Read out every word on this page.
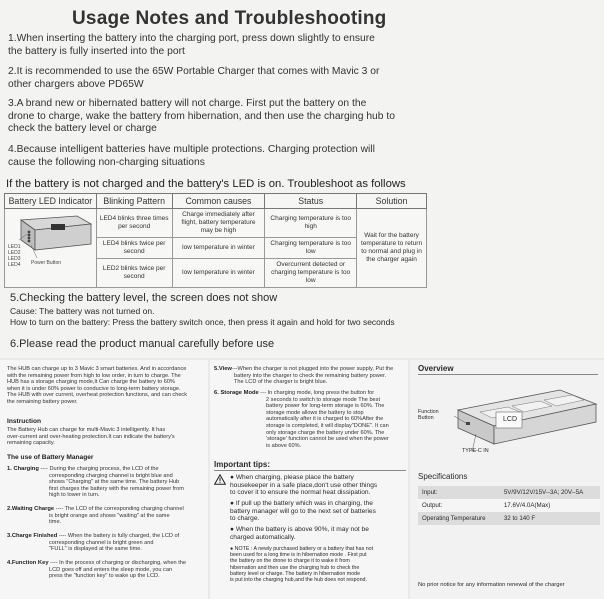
Usage Notes and Troubleshooting
1.When inserting the battery into the charging port, press down slightly to ensure
the battery is fully inserted into the port
2.It is recommended to use the 65W Portable Charger that comes with Mavic 3 or
other chargers above PD65W
3.A brand new or hibernated battery will not charge. First put the battery on the
drone to charge, wake the battery from hibernation, and then use the charging hub to
check the battery level or charge
4.Because intelligent batteries have multiple protections. Charging protection will
cause the following non-charging situations
If the battery is not charged and the battery's LED is on. Troubleshoot as follows
Battery LED Indicator	Blinking Pattern	Common causes	Status	Solution

LED1
LED2
LED3
LED4 Power Button	LED4 blinks three times per second	Charge immediately after flight, battery temperature may be high	Charging temperature is too high	Wait for the battery temperature to return to normal and plug in the charger again
	LED4 blinks twice per second	low temperature in winter	Charging temperature is too low	
	LED2 blinks twice per second	low temperature in winter	Overcurrent detected or charging temperature is too low	
5.Checking the battery level, the screen does not show
Cause: The battery was not turned on.
How to turn on the battery: Press the battery switch once, then press it again and hold for two seconds
6.Please read the product manual carefully before use
The HUB can charge up to 3 Mavic 3 smart batteries. And in accordance
with the remaining power from high to low order, in turn to charge. The
HUB has a storage charging mode,It Can charge the battery to 60%
when it is under 60% power to conducive to long-term battery storage.
The HUB with over current, overheat protection functions, and can check
the remaining battery power.
Instruction
The Battery Hub can charge for multi-Mavic 3 intelligently. It has
over-current and over-heating protection.It can indicate the battery's
remaining capacity.
The use of Battery Manager
1. Charging ---- During the charging process, the LCD of the
corresponding charging channel is bright blue and
shows "Charging" at the same time. The battery Hub
first charges the battery with the remaining power from
high to lower in turn.
2.Waiting Charge ---- The LCD of the corresponding charging channel
is bright orange and shows "waiting" at the same
time.
3.Charge Finished ---- When the battery is fully charged, the LCD of
corresponding channel is bright green and
"FULL" is displayed at the same time.
4.Function Key ---- In the process of charging or discharging, when the
LCD goes off and enters the sleep mode, you can
press the "function key" to wake up the LCD.
5.View---When the charger is not plugged into the power supply, Put the
battery into the charger to check the remaining battery power.
The LCD of the charger is bright blue.
6. Storage Mode --- In charging mode, long press the button for
2 seconds to switch to storage mode The best
battery power for long-term storage is 60%. The
storage mode allows the battery to stop
automatically after it is charged to 60%After the
storage is completed, it will display"DONE". It can
only storage charge the battery under 60%. The
'storage' function cannot be used when the power
is above 60%.
Important tips:
● When charging, please place the battery
housekeeper in a safe place,don't use other things
to cover it to ensure the normal heat dissipation.
● If pull up the battery which was in charging, the
battery manager will go to the next set of batteries
to charge.
● When the battery is above 90%, it may not be
charged automatically.
● NOTE : A newly purchased battery or a battery that has not
been used for a long time is in hibernation mode . First put
the battery on the drone to charge it to wake it from
hibernation and then use the charging hub to check the
battery level or charge. The battery in hibernation mode
is put into the charging hub,and the hub does not respond.
Overview
Function Button	LCD
TYPE-C IN
Specifications
Input:	5V/9V/12V/15V--3A; 20V--5A
Output:	17.6V/4.0A(Max)
Operating Temperature	32 to 140 F
No prior notice for any information renewal of the charger
